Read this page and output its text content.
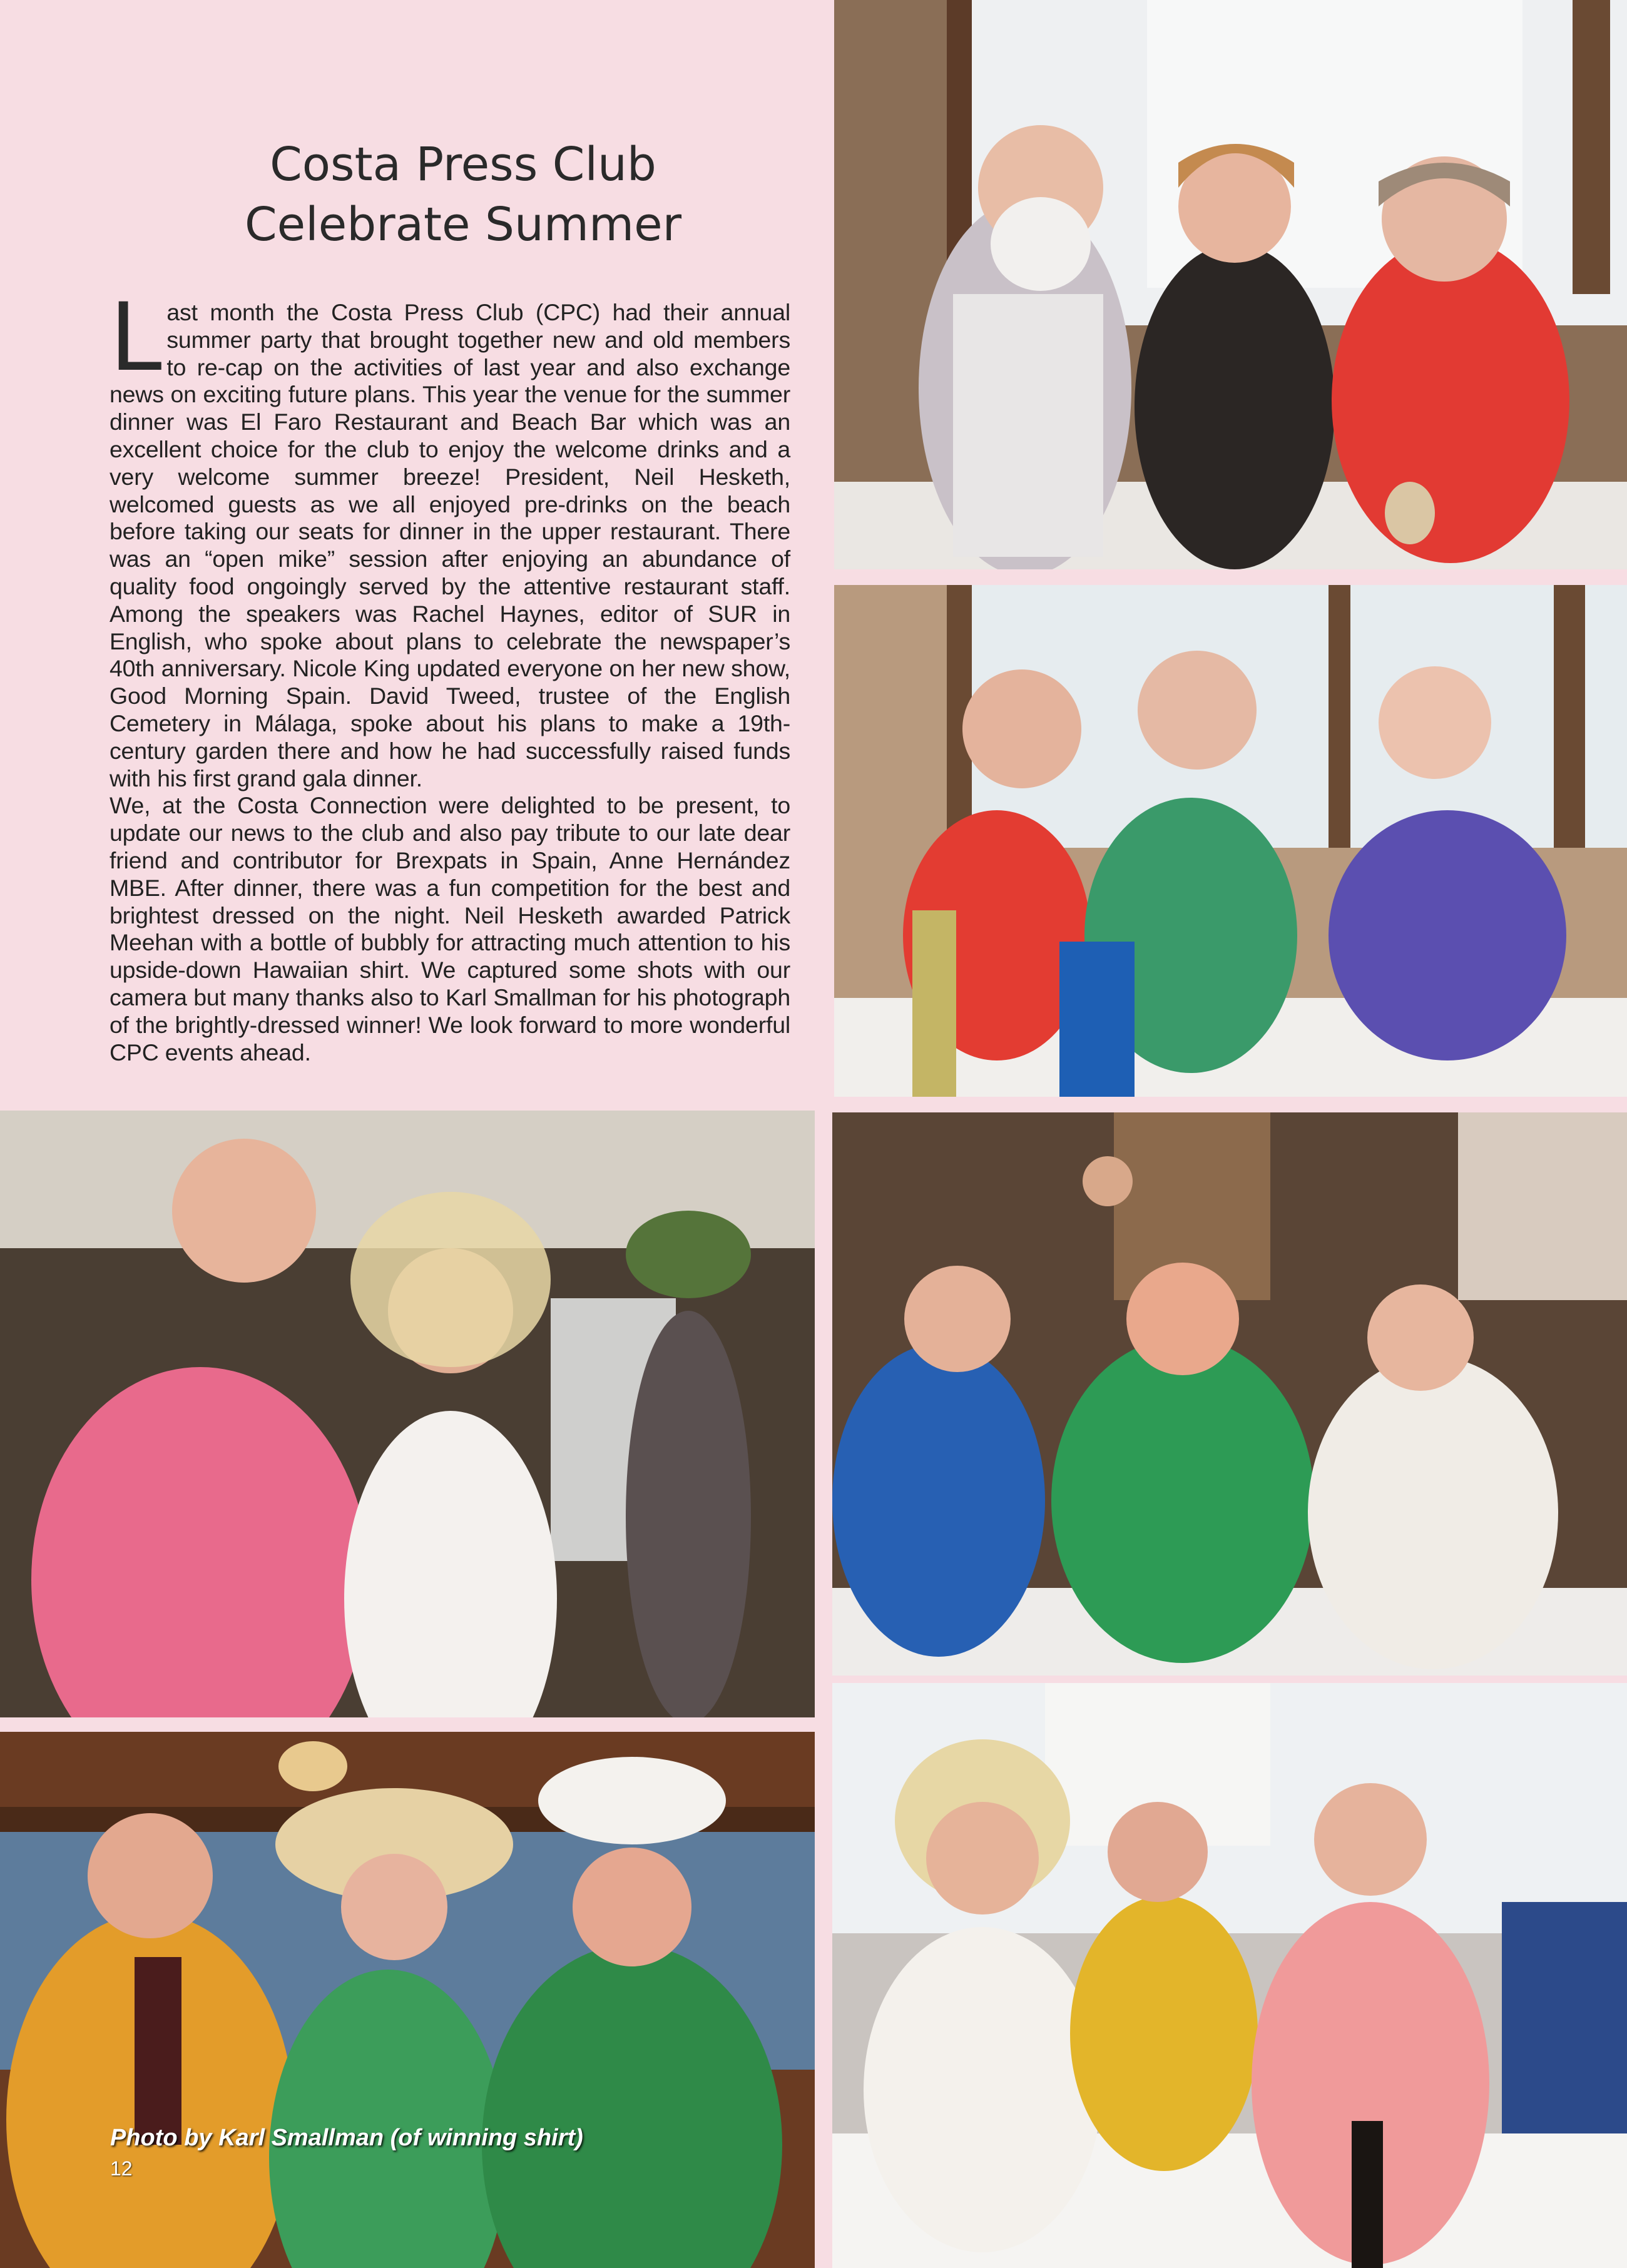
Costa Press Club
Celebrate Summer

Last month the Costa Press Club (CPC) had their annual summer party that brought together new and old members to re-cap on the activities of last year and also exchange news on exciting future plans. This year the venue for the summer dinner was El Faro Restaurant and Beach Bar which was an excellent choice for the club to enjoy the welcome drinks and a very welcome summer breeze! President, Neil Hesketh, welcomed guests as we all enjoyed pre-drinks on the beach before taking our seats for dinner in the upper restaurant. There was an “open mike” session after enjoying an abundance of quality food ongoingly served by the attentive restaurant staff. Among the speakers was Rachel Haynes, editor of SUR in English, who spoke about plans to celebrate the newspaper’s 40th anniversary. Nicole King updated everyone on her new show, Good Morning Spain. David Tweed, trustee of the English Cemetery in Málaga, spoke about his plans to make a 19th-century garden there and how he had successfully raised funds with his first grand gala dinner.

We, at the Costa Connection were delighted to be present, to update our news to the club and also pay tribute to our late dear friend and contributor for Brexpats in Spain, Anne Hernández MBE. After dinner, there was a fun competition for the best and brightest dressed on the night. Neil Hesketh awarded Patrick Meehan with a bottle of bubbly for attracting much attention to his upside-down Hawaiian shirt. We captured some shots with our camera but many thanks also to Karl Smallman for his photograph of the brightly-dressed winner! We look forward to more wonderful CPC events ahead.

Photo by Karl Smallman (of winning shirt)
12
